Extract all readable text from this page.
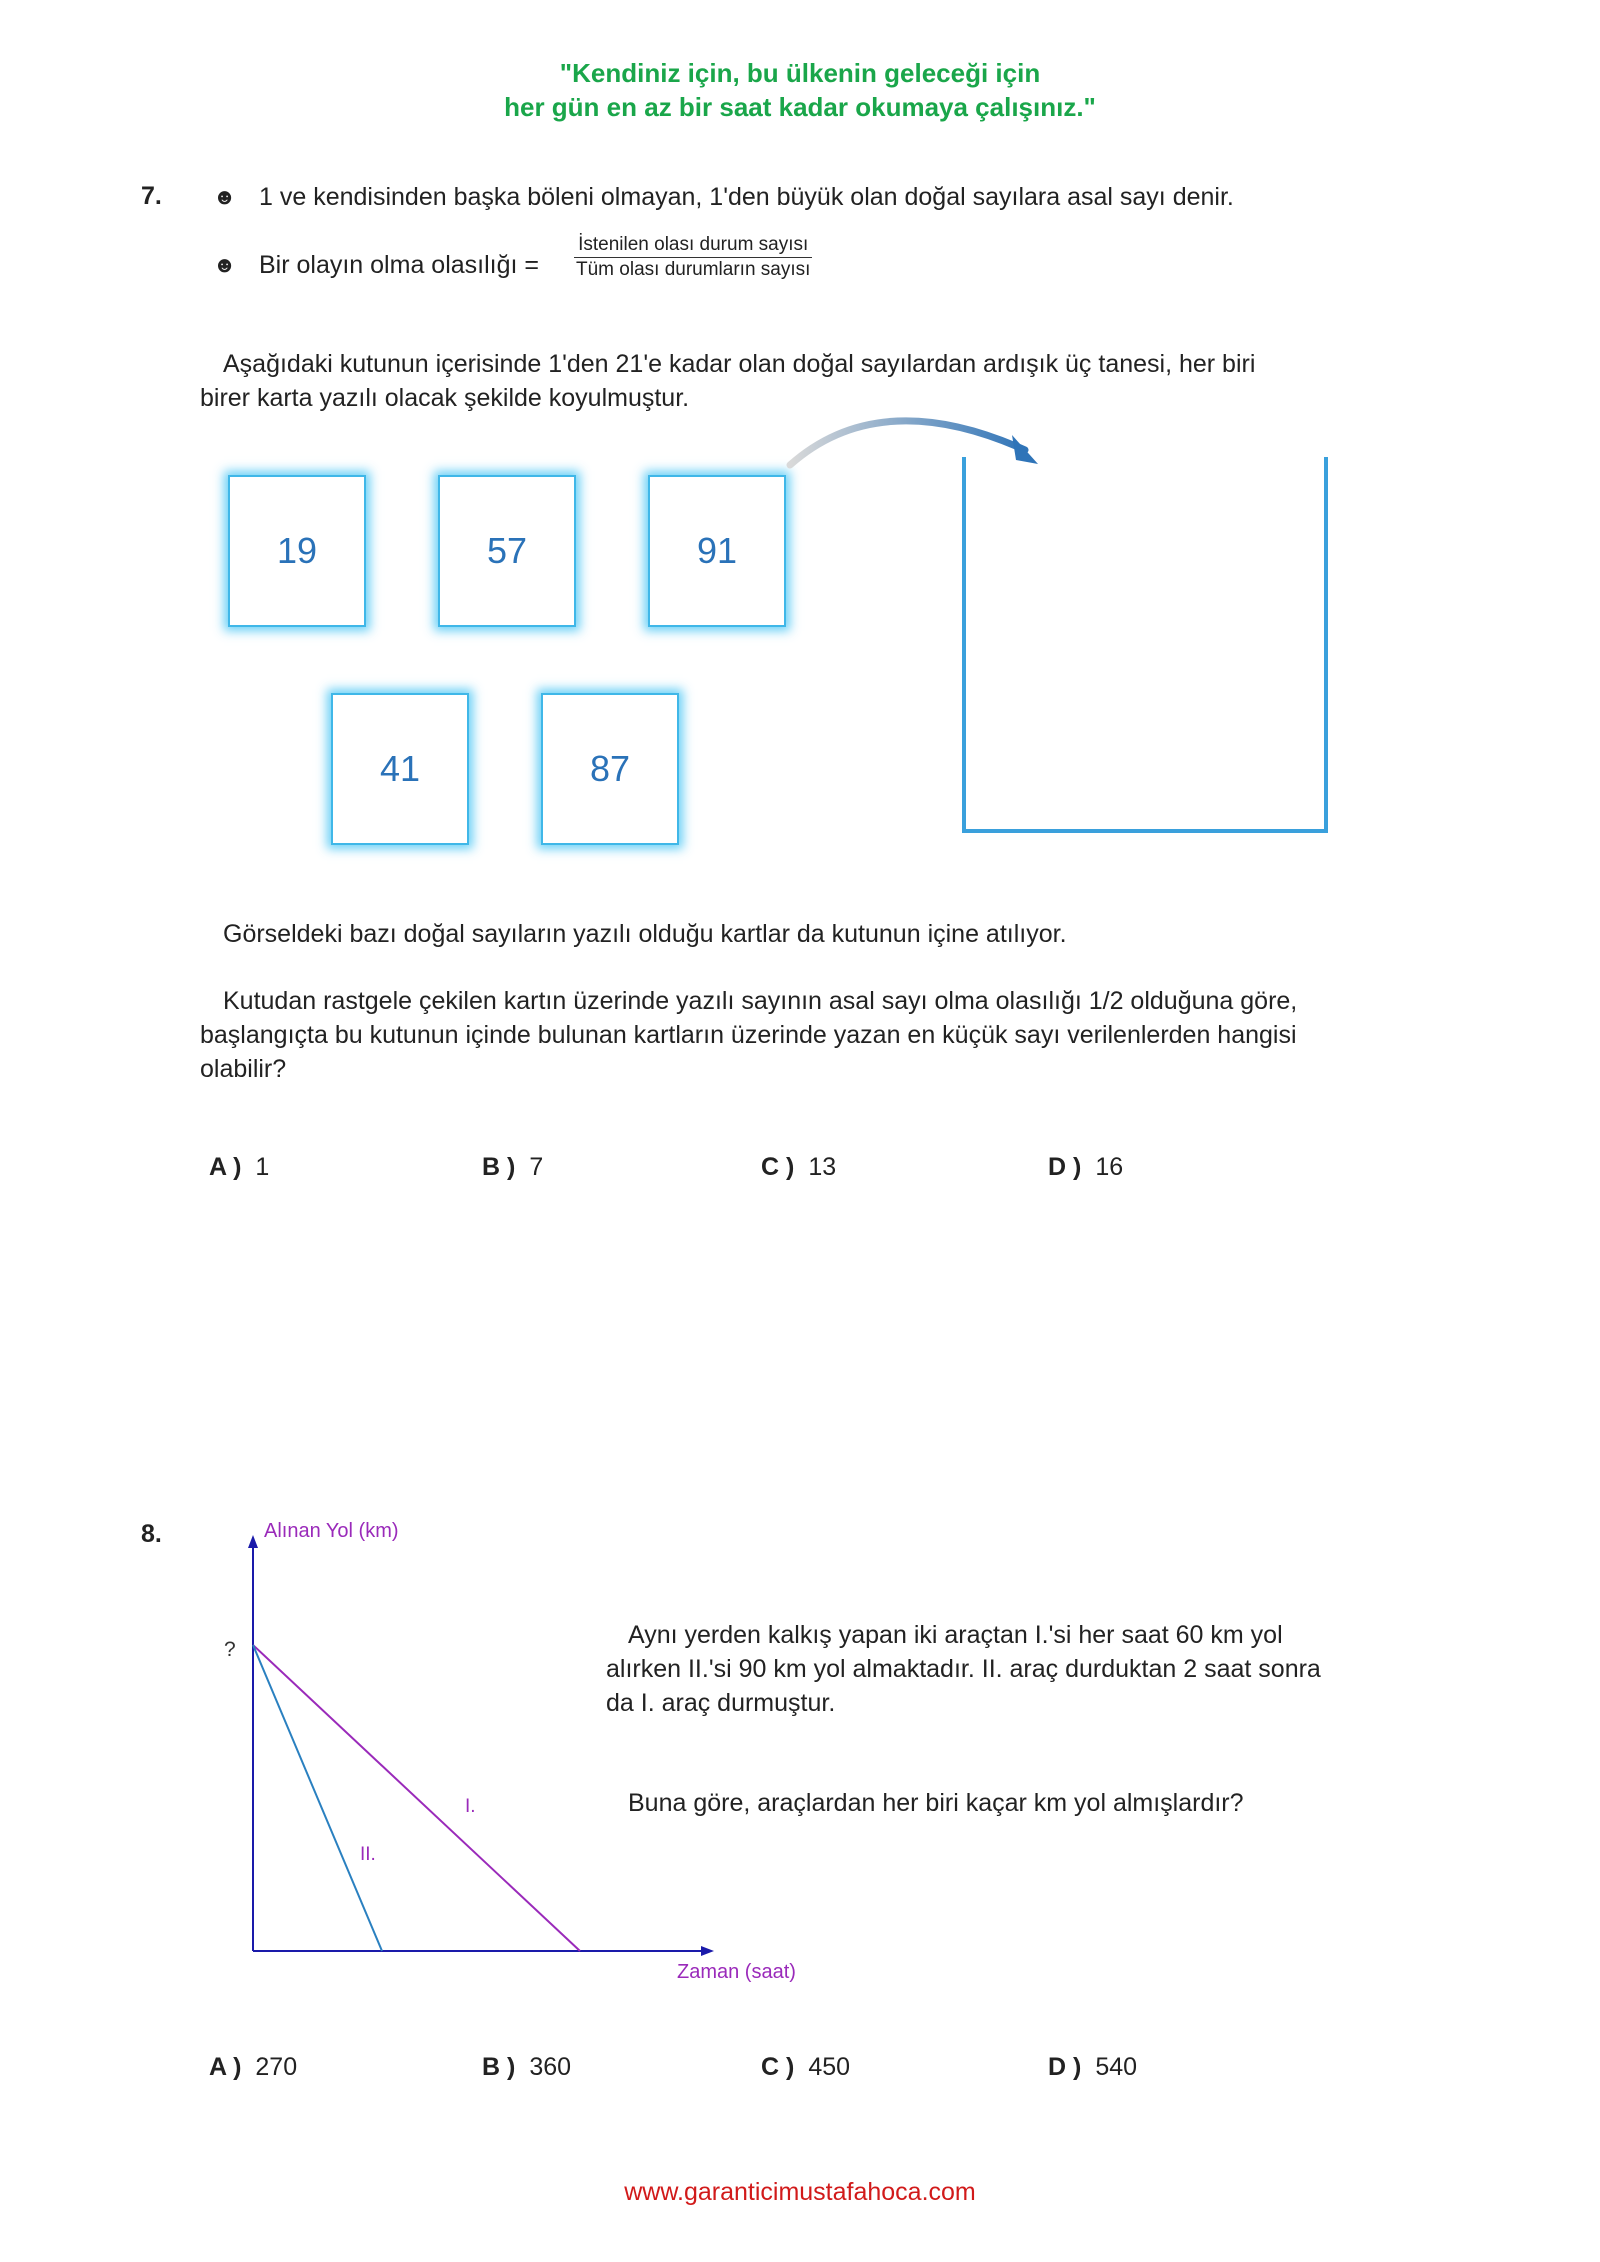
"Kendiniz için, bu ülkenin geleceği için
her gün en az bir saat kadar okumaya çalışınız."
7. ☻ 1 ve kendisinden başka böleni olmayan, 1'den büyük olan doğal sayılara asal sayı denir.
☻ Bir olayın olma olasılığı =
İstenilen olası durum sayısı
Tüm olası durumların sayısı
Aşağıdaki kutunun içerisinde 1'den 21'e kadar olan doğal sayılardan ardışık üç tanesi, her biri
birer karta yazılı olacak şekilde koyulmuştur.
19	57	91
41	87
Görseldeki bazı doğal sayıların yazılı olduğu kartlar da kutunun içine atılıyor.
Kutudan rastgele çekilen kartın üzerinde yazılı sayının asal sayı olma olasılığı 1/2 olduğuna göre,
başlangıçta bu kutunun içinde bulunan kartların üzerinde yazan en küçük sayı verilenlerden hangisi
olabilir?
A ) 1	B ) 7	C ) 13	D ) 16
8.	Alınan Yol (km)
Zaman (saat)
?
I.
II.
Aynı yerden kalkış yapan iki araçtan I.'si her saat 60 km yol
alırken II.'si 90 km yol almaktadır. II. araç durduktan 2 saat sonra
da I. araç durmuştur.
Buna göre, araçlardan her biri kaçar km yol almışlardır?
A ) 270	B ) 360	C ) 450	D ) 540
www.garanticimustafahoca.com
